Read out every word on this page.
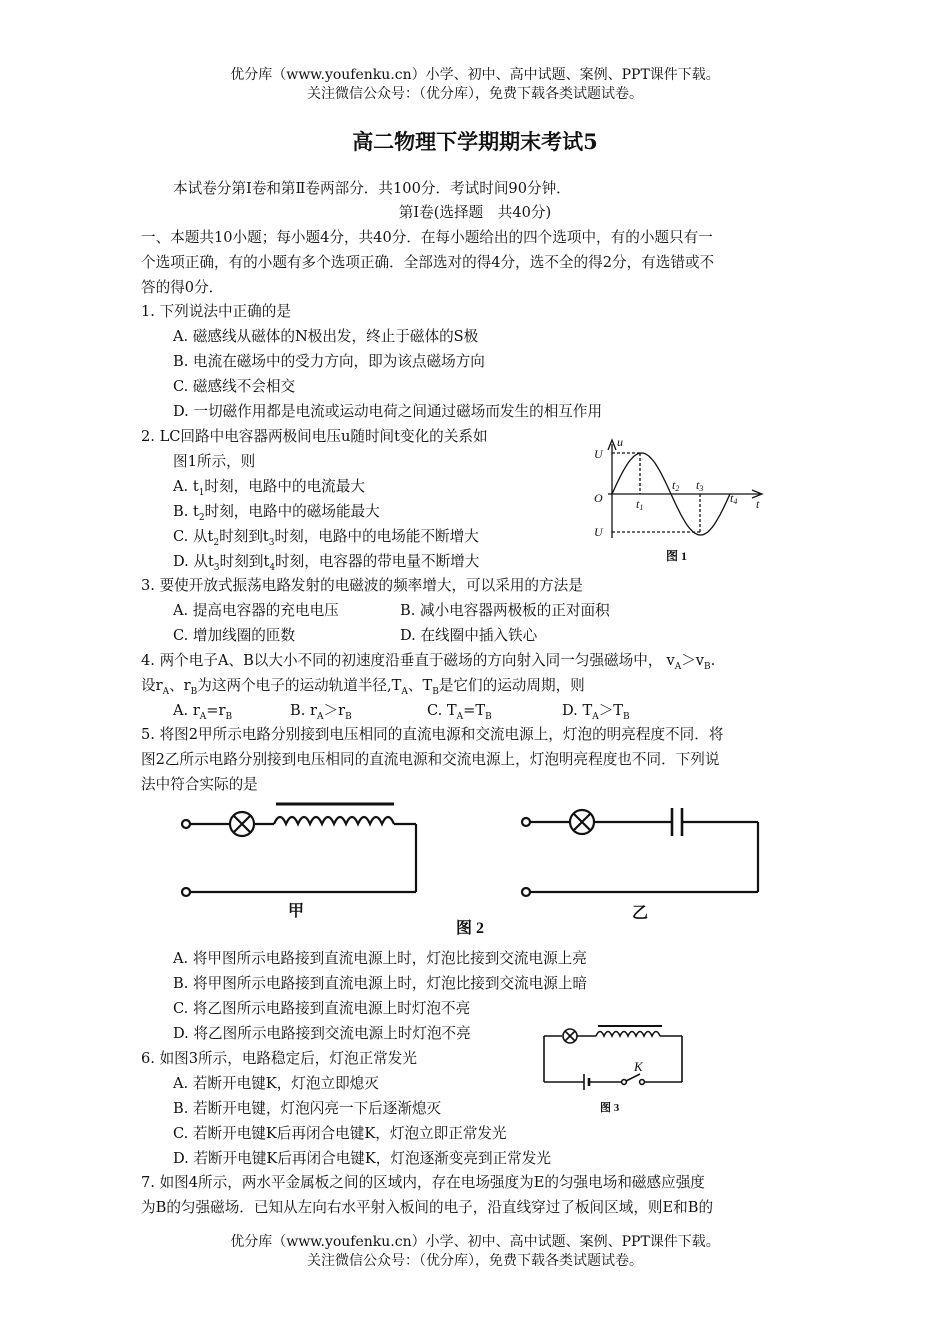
优分库（www.youfenku.cn）小学、初中、高中试题、案例、PPT课件下载。
关注微信公众号：（优分库），免费下载各类试题试卷。
高二物理下学期期末考试5
本试卷分第Ⅰ卷和第Ⅱ卷两部分．共100分．考试时间90分钟．
第Ⅰ卷(选择题　共40分)
一、本题共10小题；每小题4分，共40分．在每小题给出的四个选项中，有的小题只有一
个选项正确，有的小题有多个选项正确．全部选对的得4分，选不全的得2分，有选错或不
答的得0分．
1. 下列说法中正确的是
A. 磁感线从磁体的N极出发，终止于磁体的S极
B. 电流在磁场中的受力方向，即为该点磁场方向
C. 磁感线不会相交
D. 一切磁作用都是电流或运动电荷之间通过磁场而发生的相互作用
2. LC回路中电容器两极间电压u随时间t变化的关系如
图1所示，则
A. $t_1$时刻，电路中的电流最大
B. $t_2$时刻，电路中的磁场能最大
C. 从$t_2$时刻到$t_3$时刻，电路中的电场能不断增大
D. 从$t_3$时刻到$t_4$时刻，电容器的带电量不断增大
u
t
U
O
U
t1
t2 t3
t4
图 1
3. 要使开放式振荡电路发射的电磁波的频率增大，可以采用的方法是
A. 提高电容器的充电电压	B. 减小电容器两极板的正对面积
C. 增加线圈的匝数	D. 在线圈中插入铁心
4. 两个电子A、B以大小不同的初速度沿垂直于磁场的方向射入同一匀强磁场中， $v_A>v_B$.
设$r_A$、$r_B$为这两个电子的运动轨道半径$,T_A$、$T_B$是它们的运动周期，则
A. $r_A=r_B$	B. $r_A>r_B$	C. $T_A=T_B$	D. $T_A>T_B$
5. 将图2甲所示电路分别接到电压相同的直流电源和交流电源上，灯泡的明亮程度不同．将
图2乙所示电路分别接到电压相同的直流电源和交流电源上，灯泡明亮程度也不同．下列说
法中符合实际的是
甲	乙
图 2
A. 将甲图所示电路接到直流电源上时，灯泡比接到交流电源上亮
B. 将甲图所示电路接到直流电源上时，灯泡比接到交流电源上暗
C. 将乙图所示电路接到直流电源上时灯泡不亮
D. 将乙图所示电路接到交流电源上时灯泡不亮
K
图 3
6. 如图3所示，电路稳定后，灯泡正常发光
A. 若断开电键K，灯泡立即熄灭
B. 若断开电键，灯泡闪亮一下后逐渐熄灭
C. 若断开电键K后再闭合电键K，灯泡立即正常发光
D. 若断开电键K后再闭合电键K，灯泡逐渐变亮到正常发光
7. 如图4所示，两水平金属板之间的区域内，存在电场强度为E的匀强电场和磁感应强度
为B的匀强磁场．已知从左向右水平射入板间的电子，沿直线穿过了板间区域，则E和B的
优分库（www.youfenku.cn）小学、初中、高中试题、案例、PPT课件下载。
关注微信公众号：（优分库），免费下载各类试题试卷。
